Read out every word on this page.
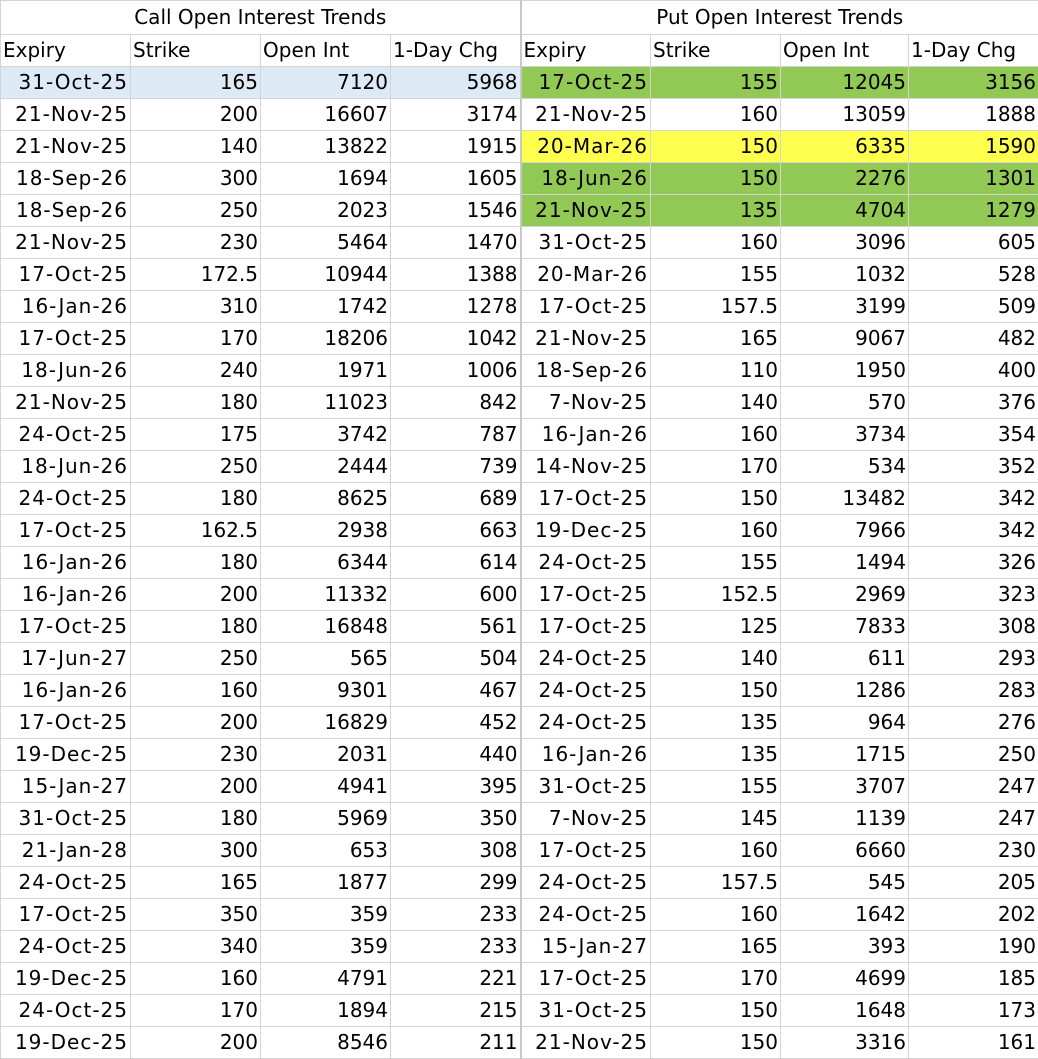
Call Open Interest Trends				Put Open Interest Trends			
Expiry	Strike	Open Int	1-Day Chg	Expiry	Strike	Open Int	1-Day Chg
31-Oct-25	165	7120	5968	17-Oct-25	155	12045	3156
21-Nov-25	200	16607	3174	21-Nov-25	160	13059	1888
21-Nov-25	140	13822	1915	20-Mar-26	150	6335	1590
18-Sep-26	300	1694	1605	18-Jun-26	150	2276	1301
18-Sep-26	250	2023	1546	21-Nov-25	135	4704	1279
21-Nov-25	230	5464	1470	31-Oct-25	160	3096	605
17-Oct-25	172.5	10944	1388	20-Mar-26	155	1032	528
16-Jan-26	310	1742	1278	17-Oct-25	157.5	3199	509
17-Oct-25	170	18206	1042	21-Nov-25	165	9067	482
18-Jun-26	240	1971	1006	18-Sep-26	110	1950	400
21-Nov-25	180	11023	842	7-Nov-25	140	570	376
24-Oct-25	175	3742	787	16-Jan-26	160	3734	354
18-Jun-26	250	2444	739	14-Nov-25	170	534	352
24-Oct-25	180	8625	689	17-Oct-25	150	13482	342
17-Oct-25	162.5	2938	663	19-Dec-25	160	7966	342
16-Jan-26	180	6344	614	24-Oct-25	155	1494	326
16-Jan-26	200	11332	600	17-Oct-25	152.5	2969	323
17-Oct-25	180	16848	561	17-Oct-25	125	7833	308
17-Jun-27	250	565	504	24-Oct-25	140	611	293
16-Jan-26	160	9301	467	24-Oct-25	150	1286	283
17-Oct-25	200	16829	452	24-Oct-25	135	964	276
19-Dec-25	230	2031	440	16-Jan-26	135	1715	250
15-Jan-27	200	4941	395	31-Oct-25	155	3707	247
31-Oct-25	180	5969	350	7-Nov-25	145	1139	247
21-Jan-28	300	653	308	17-Oct-25	160	6660	230
24-Oct-25	165	1877	299	24-Oct-25	157.5	545	205
17-Oct-25	350	359	233	24-Oct-25	160	1642	202
24-Oct-25	340	359	233	15-Jan-27	165	393	190
19-Dec-25	160	4791	221	17-Oct-25	170	4699	185
24-Oct-25	170	1894	215	31-Oct-25	150	1648	173
19-Dec-25	200	8546	211	21-Nov-25	150	3316	161
